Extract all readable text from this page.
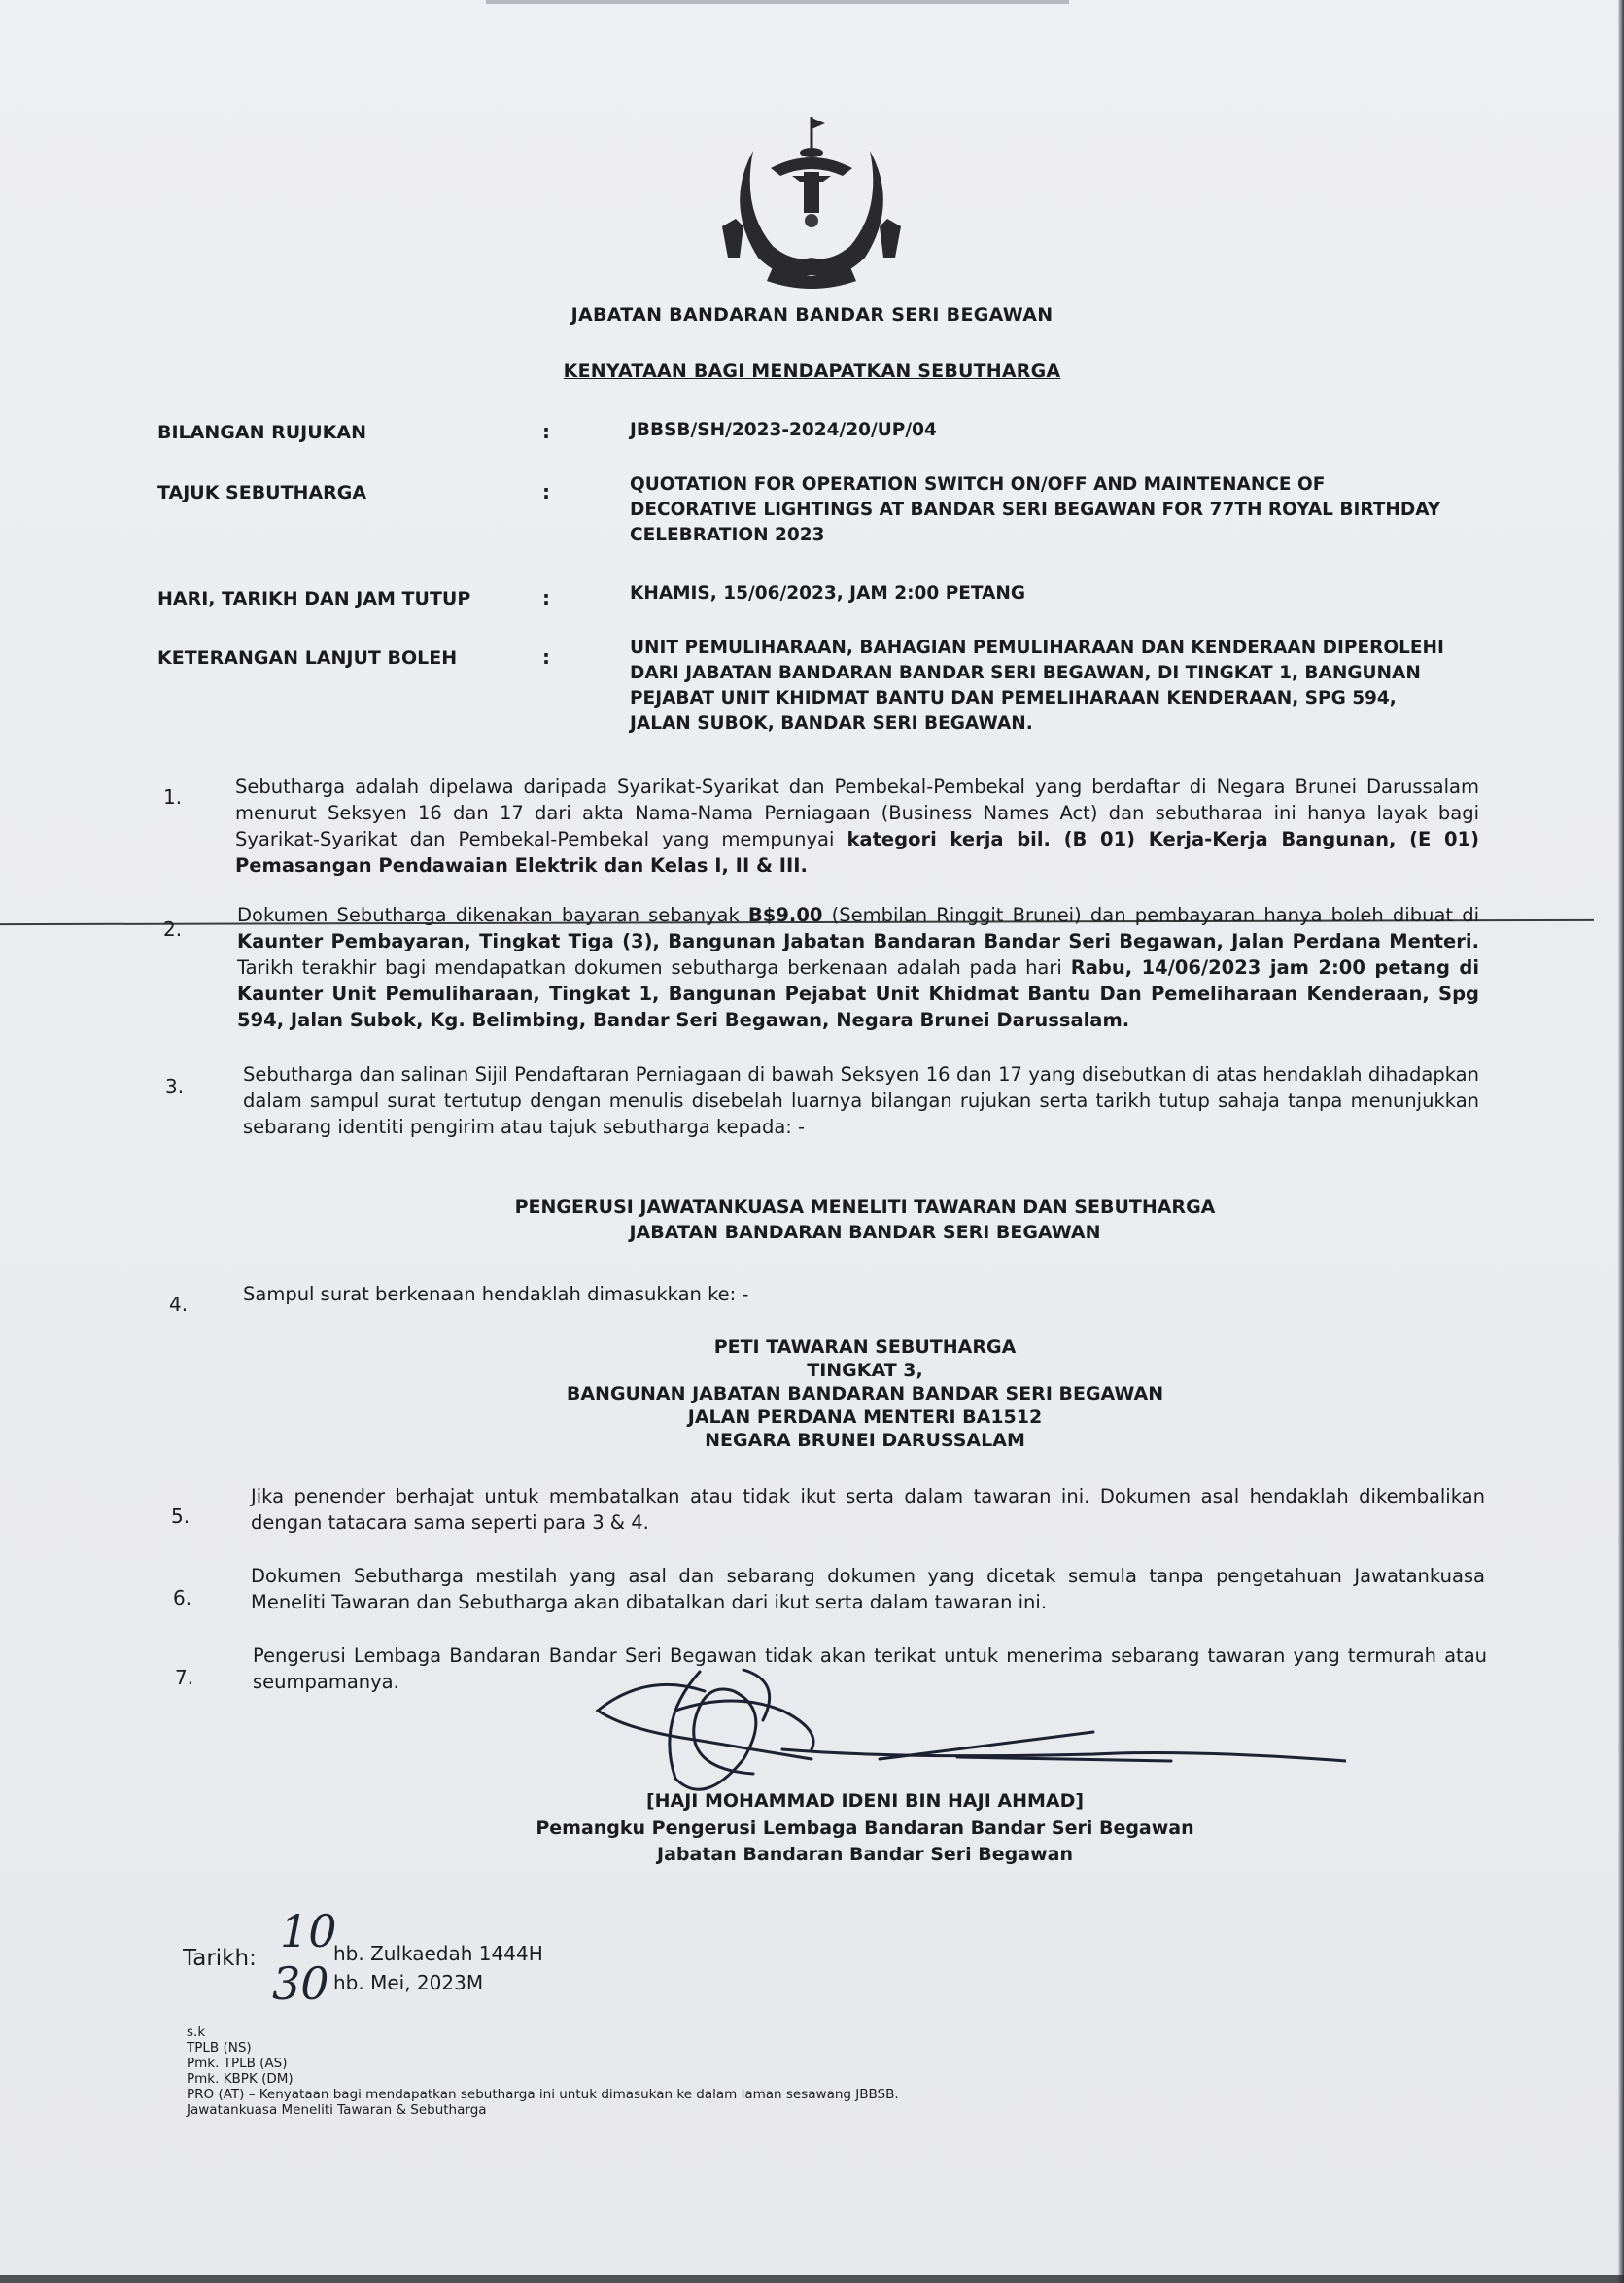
JABATAN BANDARAN BANDAR SERI BEGAWAN
KENYATAAN BAGI MENDAPATKAN SEBUTHARGA
BILANGAN RUJUKAN	:	JBBSB/SH/2023-2024/20/UP/04
TAJUK SEBUTHARGA	:	QUOTATION FOR OPERATION SWITCH ON/OFF AND MAINTENANCE OF DECORATIVE LIGHTINGS AT BANDAR SERI BEGAWAN FOR 77TH ROYAL BIRTHDAY CELEBRATION 2023
HARI, TARIKH DAN JAM TUTUP	:	KHAMIS, 15/06/2023, JAM 2:00 PETANG
KETERANGAN LANJUT BOLEH	:	UNIT PEMULIHARAAN, BAHAGIAN PEMULIHARAAN DAN KENDERAAN DIPEROLEHI DARI JABATAN BANDARAN BANDAR SERI BEGAWAN, DI TINGKAT 1, BANGUNAN PEJABAT UNIT KHIDMAT BANTU DAN PEMELIHARAAN KENDERAAN, SPG 594, JALAN SUBOK, BANDAR SERI BEGAWAN.
1.	Sebutharga adalah dipelawa daripada Syarikat-Syarikat dan Pembekal-Pembekal yang berdaftar di Negara Brunei Darussalam menurut Seksyen 16 dan 17 dari akta Nama-Nama Perniagaan (Business Names Act) dan sebutharaa ini hanya layak bagi Syarikat-Syarikat dan Pembekal-Pembekal yang mempunyai kategori kerja bil. (B 01) Kerja-Kerja Bangunan, (E 01) Pemasangan Pendawaian Elektrik dan Kelas I, II & III.
2.
Dokumen Sebutharga dikenakan bayaran sebanyak B$9.00 (Sembilan Ringgit Brunei) dan pembayaran hanya boleh dibuat di Kaunter Pembayaran, Tingkat Tiga (3), Bangunan Jabatan Bandaran Bandar Seri Begawan, Jalan Perdana Menteri. Tarikh terakhir bagi mendapatkan dokumen sebutharga berkenaan adalah pada hari Rabu, 14/06/2023 jam 2:00 petang di Kaunter Unit Pemuliharaan, Tingkat 1, Bangunan Pejabat Unit Khidmat Bantu Dan Pemeliharaan Kenderaan, Spg 594, Jalan Subok, Kg. Belimbing, Bandar Seri Begawan, Negara Brunei Darussalam.
3.
Sebutharga dan salinan Sijil Pendaftaran Perniagaan di bawah Seksyen 16 dan 17 yang disebutkan di atas hendaklah dihadapkan dalam sampul surat tertutup dengan menulis disebelah luarnya bilangan rujukan serta tarikh tutup sahaja tanpa menunjukkan sebarang identiti pengirim atau tajuk sebutharga kepada: -
PENGERUSI JAWATANKUASA MENELITI TAWARAN DAN SEBUTHARGA
JABATAN BANDARAN BANDAR SERI BEGAWAN
4.	Sampul surat berkenaan hendaklah dimasukkan ke: -
PETI TAWARAN SEBUTHARGA
TINGKAT 3,
BANGUNAN JABATAN BANDARAN BANDAR SERI BEGAWAN
JALAN PERDANA MENTERI BA1512
NEGARA BRUNEI DARUSSALAM
5.
Jika penender berhajat untuk membatalkan atau tidak ikut serta dalam tawaran ini. Dokumen asal hendaklah dikembalikan dengan tatacara sama seperti para 3 & 4.
6.
Dokumen Sebutharga mestilah yang asal dan sebarang dokumen yang dicetak semula tanpa pengetahuan Jawatankuasa Meneliti Tawaran dan Sebutharga akan dibatalkan dari ikut serta dalam tawaran ini.
7.
Pengerusi Lembaga Bandaran Bandar Seri Begawan tidak akan terikat untuk menerima sebarang tawaran yang termurah atau seumpamanya.
[HAJI MOHAMMAD IDENI BIN HAJI AHMAD]
Pemangku Pengerusi Lembaga Bandaran Bandar Seri Begawan
Jabatan Bandaran Bandar Seri Begawan
Tarikh:
10
hb. Zulkaedah 1444H
30 hb. Mei, 2023M
s.k
TPLB (NS)
Pmk. TPLB (AS)
Pmk. KBPK (DM)
PRO (AT) – Kenyataan bagi mendapatkan sebutharga ini untuk dimasukan ke dalam laman sesawang JBBSB.
Jawatankuasa Meneliti Tawaran & Sebutharga
